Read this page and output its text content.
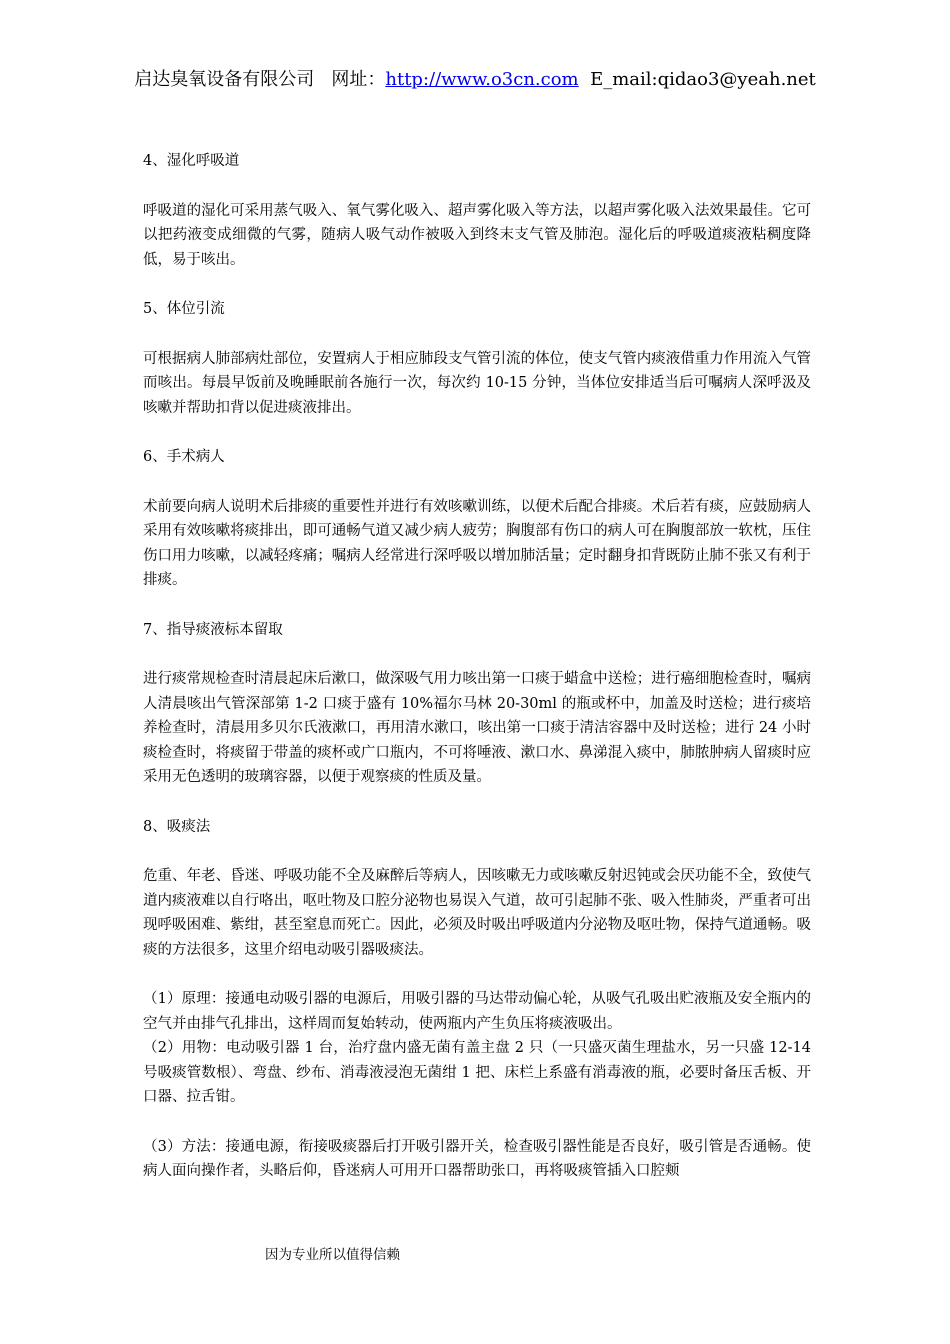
启达臭氧设备有限公司 网址：http://www.o3cn.com E_mail:qidao3@yeah.net

4、湿化呼吸道

呼吸道的湿化可采用蒸气吸入、氧气雾化吸入、超声雾化吸入等方法，以超声雾化吸入法效果最佳。它可以把药液变成细微的气雾，随病人吸气动作被吸入到终末支气管及肺泡。湿化后的呼吸道痰液粘稠度降低，易于咳出。

5、体位引流

可根据病人肺部病灶部位，安置病人于相应肺段支气管引流的体位，使支气管内痰液借重力作用流入气管而咳出。每晨早饭前及晚睡眠前各施行一次，每次约 10-15 分钟，当体位安排适当后可嘱病人深呼汲及咳嗽并帮助扣背以促进痰液排出。

6、手术病人

术前要向病人说明术后排痰的重要性并进行有效咳嗽训练，以便术后配合排痰。术后若有痰，应鼓励病人采用有效咳嗽将痰排出，即可通畅气道又减少病人疲劳；胸腹部有伤口的病人可在胸腹部放一软枕，压住伤口用力咳嗽，以减轻疼痛；嘱病人经常进行深呼吸以增加肺活量；定时翻身扣背既防止肺不张又有利于排痰。

7、指导痰液标本留取

进行痰常规检查时清晨起床后漱口，做深吸气用力咳出第一口痰于蜡盒中送检；进行癌细胞检查时，嘱病人清晨咳出气管深部第 1-2 口痰于盛有 10%福尔马林 20-30ml 的瓶或杯中，加盖及时送检；进行痰培养检查时，清晨用多贝尔氏液漱口，再用清水漱口，咳出第一口痰于清洁容器中及时送检；进行 24 小时痰检查时，将痰留于带盖的痰杯或广口瓶内，不可将唾液、漱口水、鼻涕混入痰中，肺脓肿病人留痰时应采用无色透明的玻璃容器，以便于观察痰的性质及量。

8、吸痰法

危重、年老、昏迷、呼吸功能不全及麻醉后等病人，因咳嗽无力或咳嗽反射迟钝或会厌功能不全，致使气道内痰液难以自行咯出，呕吐物及口腔分泌物也易误入气道，故可引起肺不张、吸入性肺炎，严重者可出现呼吸困难、紫绀，甚至窒息而死亡。因此，必须及时吸出呼吸道内分泌物及呕吐物，保持气道通畅。吸痰的方法很多，这里介绍电动吸引器吸痰法。

（1）原理：接通电动吸引器的电源后，用吸引器的马达带动偏心轮，从吸气孔吸出贮液瓶及安全瓶内的空气并由排气孔排出，这样周而复始转动，使两瓶内产生负压将痰液吸出。

（2）用物：电动吸引器 1 台，治疗盘内盛无菌有盖主盘 2 只（一只盛灭菌生理盐水，另一只盛 12-14 号吸痰管数根）、弯盘、纱布、消毒液浸泡无菌绀 1 把、床栏上系盛有消毒液的瓶，必要时备压舌板、开口器、拉舌钳。

（3）方法：接通电源，衔接吸痰器后打开吸引器开关，检查吸引器性能是否良好，吸引管是否通畅。使病人面向操作者，头略后仰，昏迷病人可用开口器帮助张口，再将吸痰管插入口腔颊

因为专业所以值得信赖
